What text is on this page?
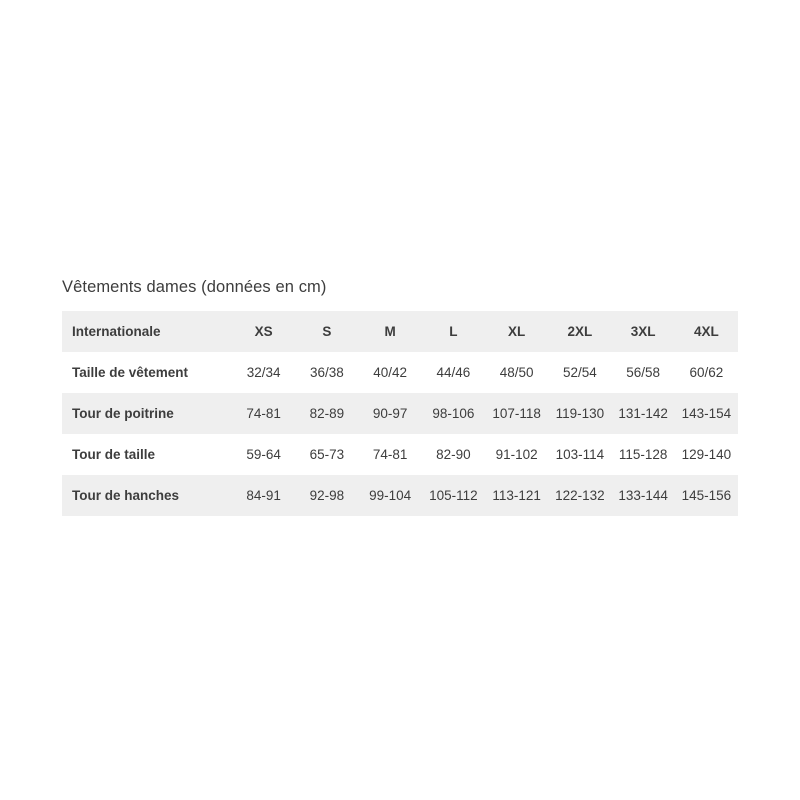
Vêtements dames (données en cm)
Internationale	XS	S	M	L	XL	2XL	3XL	4XL
Taille de vêtement	32/34	36/38	40/42	44/46	48/50	52/54	56/58	60/62
Tour de poitrine	74-81	82-89	90-97	98-106	107-118	119-130	131-142	143-154
Tour de taille	59-64	65-73	74-81	82-90	91-102	103-114	115-128	129-140
Tour de hanches	84-91	92-98	99-104	105-112	113-121	122-132	133-144	145-156
